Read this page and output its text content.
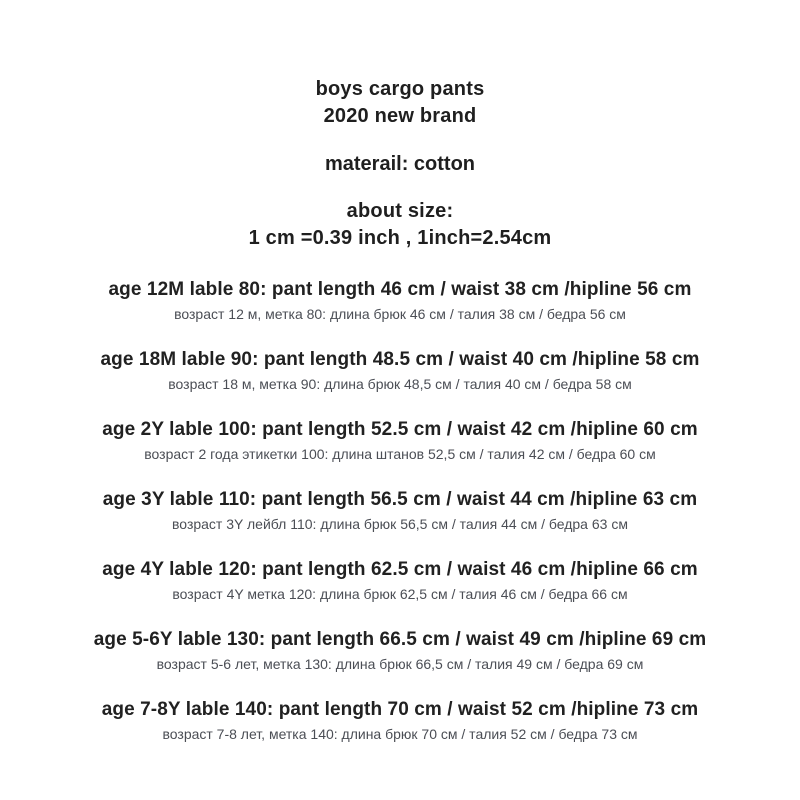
boys cargo pants
2020 new brand
materail: cotton
about size:
1 cm =0.39 inch , 1inch=2.54cm
age 12M lable 80: pant length 46 cm / waist 38 cm /hipline 56 cm
возраст 12 м, метка 80: длина брюк 46 см / талия 38 см / бедра 56 см
age 18M lable 90: pant length 48.5 cm / waist 40 cm /hipline 58 cm
возраст 18 м, метка 90: длина брюк 48,5 см / талия 40 см / бедра 58 см
age 2Y lable 100: pant length 52.5 cm / waist 42 cm /hipline 60 cm
возраст 2 года этикетки 100: длина штанов 52,5 см / талия 42 см / бедра 60 см
age 3Y lable 110: pant length 56.5 cm / waist 44 cm /hipline 63 cm
возраст 3Y лейбл 110: длина брюк 56,5 см / талия 44 см / бедра 63 см
age 4Y lable 120: pant length 62.5 cm / waist 46 cm /hipline 66 cm
возраст 4Y метка 120: длина брюк 62,5 см / талия 46 см / бедра 66 см
age 5-6Y lable 130: pant length 66.5 cm / waist 49 cm /hipline 69 cm
возраст 5-6 лет, метка 130: длина брюк 66,5 см / талия 49 см / бедра 69 см
age 7-8Y lable 140: pant length 70 cm / waist 52 cm /hipline 73 cm
возраст 7-8 лет, метка 140: длина брюк 70 см / талия 52 см / бедра 73 см
